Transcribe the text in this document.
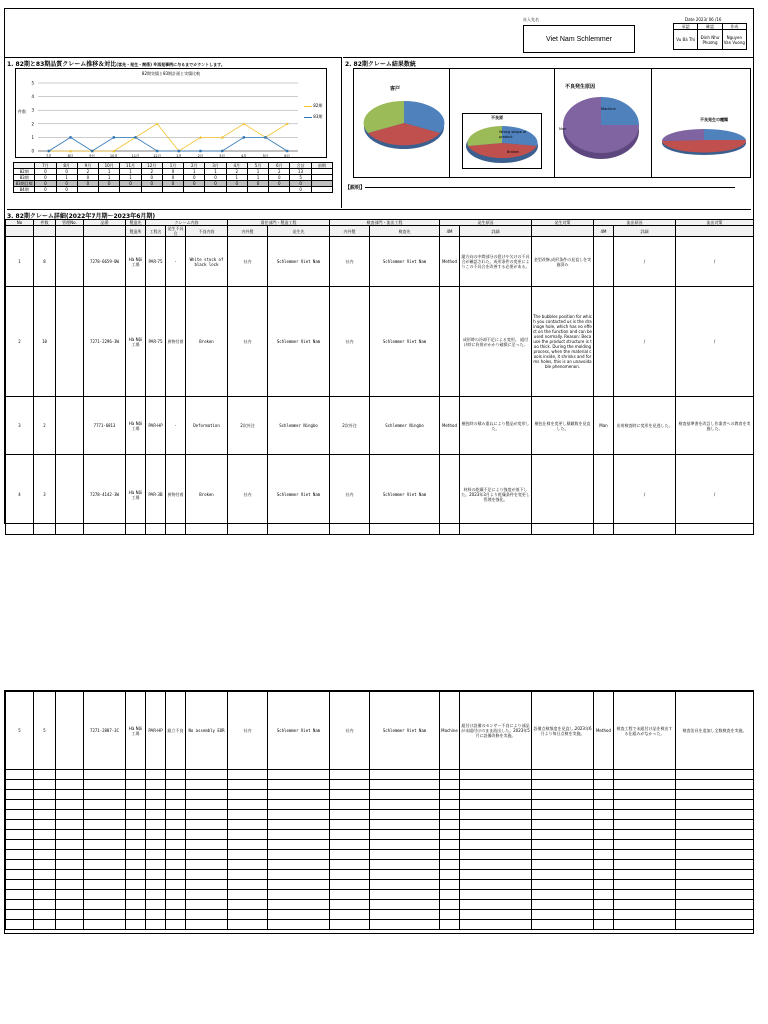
社入先名
Viet Nam Schlemmer
Date 2023/ 06 /16
承認	確認	作成
Vu Bá Thi	Đinh Như Phương	Nguyen Van Vuong
1. 82期と83期品質クレーム推移＆対比(客先・発生・関係) ※再発事例に与るまでカウントします。
82期実績と83期計画と実績比較
件数
0
1
2
3
4
5
7月	8月	9月	10月	11月	12月	1月	2月	3月	4月	5月	6月
82期
83期
	7月	8月	9月	10月	11月	12月	1月	2月	3月	4月	5月	6月	合計	前期
82期	0	0	2	1	1	2	0	1	1	2	1	2	13	
83期	0	1	0	1	1	0	0	0	0	1	1	0	5	
83期目標	0	0	0	0	0	0	0	0	0	0	0	0	0	
84期	0	0											0	
2. 82期クレーム結果数統
客戸
不良原
Wrong shape of product
Broken
不良発生原因
Man
Machine
不良発生の種類
【説明】
3. 82期クレーム詳細(2022年7月期～2023年6月期)
No	件数	管理No.	品番	製造先	クレーム内容			責任部門・製造工程		検査部門・流出工程		発生原因		発生対策	流出原因		流出対策
				製造所	工程名	発生不具合	不良内容	内外製	発生先	内外製	検査先	4M	詳細		4M	詳細	
1	8		7278-6659-0W	Hà Nội 工場	PAR-75	-	White stock of black lock	社内	Schlemmer Viet Nam	社内	Schlemmer Viet Nam	Method	縦方向の中間部分の裂けや欠けの不具合が確認された。成形条件の変更によりこの不具合を改善する必要がある。	金型改修,成形条件の見直しを実施済み		/	/
2	10		7271-2296-3W	Hà Nội 工場	PAR-75	異物付着	Broken	社内	Schlemmer Viet Nam	社内	Schlemmer Viet Nam		成形時の冷却不足による変形。 組付け時に負荷がかかり破損に至った。	The bubbles position for which you contacted us is the drainage hole, which has no effect on the function and can be used normally. Reason: Because the product structure is too thick. During the molding process, when the material cools inside, it shrinks and forms holes, this is an unavoidable phenomenon.		/	/
3	2		7771-6813	Hà Nội 工場	PAR-HP	-	Deformation	2次外注	Schlemmer Ningbo	2次外注	Schlemmer Ningbo	Method	梱包時の積み重ねにより製品が変形した。	梱包仕様を変更し積載数を見直した。	Man	出荷検査時に変形を見逃した。	検査基準書を改訂し作業者への教育を実施した。
4	3		7278-4142-3W	Hà Nội 工場	PAR-3B	異物付着	Broken	社内	Schlemmer Viet Nam	社内	Schlemmer Viet Nam		材料の乾燥不足により強度が低下した。2023年3月より乾燥条件を変更し管理を強化。			/	/
5	5		7271-2887-3C	Hà Nội 工場	PAR-HP	組立不良	No assembly EOR	社内	Schlemmer Viet Nam	社内	Schlemmer Viet Nam	Machine	組付け設備のセンサー不良により部品が未組付けのまま流出した。2023年5月に設備改修を実施。	設備点検頻度を見直し,2023年6月より毎日点検を実施。	Method	検査工程で未組付け品を検出する仕組みがなかった。	検査治具を追加し全数検査を実施。
